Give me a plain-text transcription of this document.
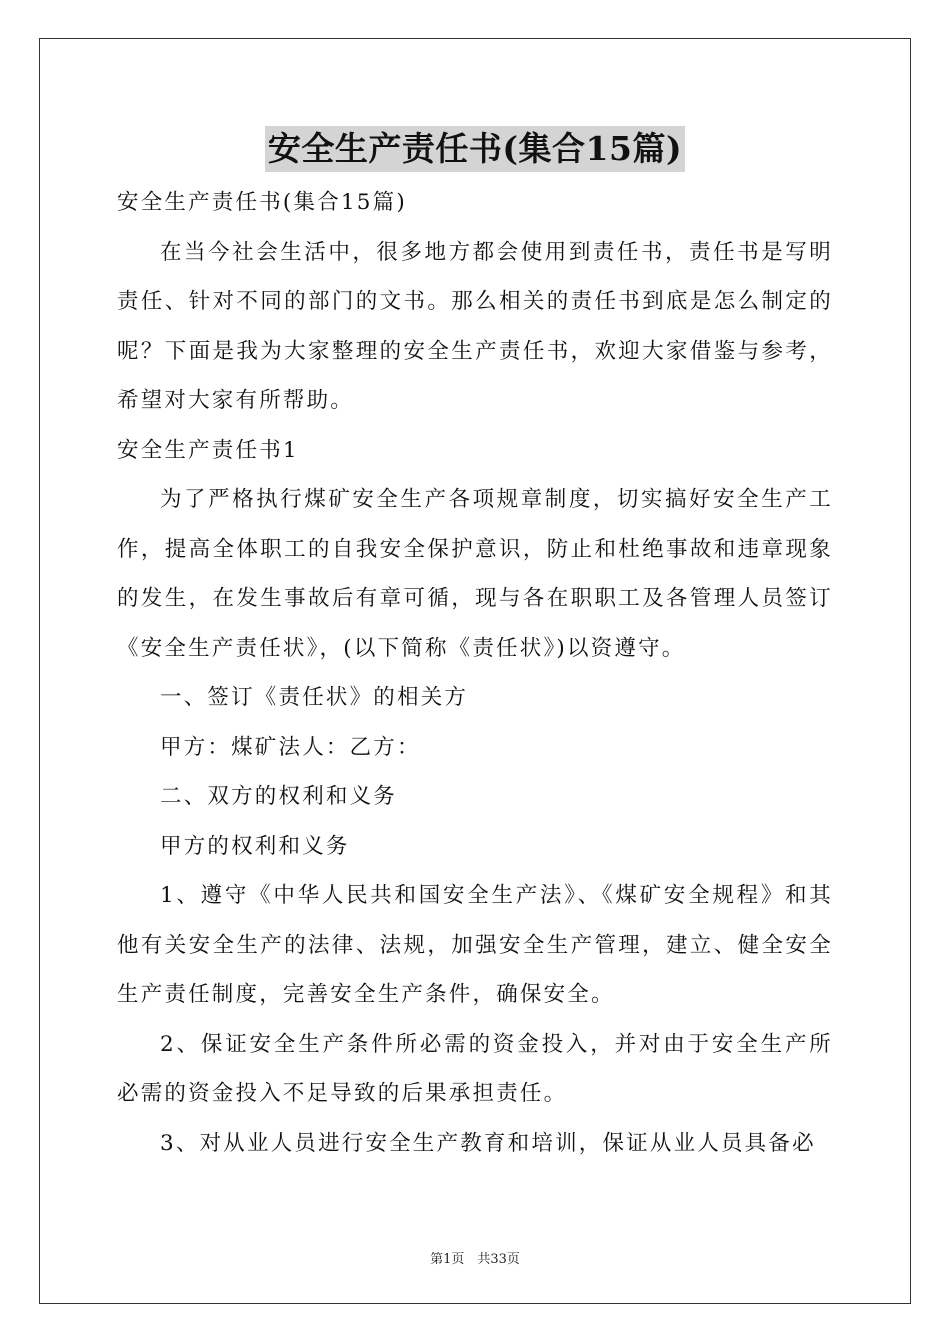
安全生产责任书(集合15篇)

安全生产责任书(集合15篇)

在当今社会生活中，很多地方都会使用到责任书，责任书是写明责任、针对不同的部门的文书。那么相关的责任书到底是怎么制定的呢？下面是我为大家整理的安全生产责任书，欢迎大家借鉴与参考，希望对大家有所帮助。

安全生产责任书1

为了严格执行煤矿安全生产各项规章制度，切实搞好安全生产工作，提高全体职工的自我安全保护意识，防止和杜绝事故和违章现象的发生，在发生事故后有章可循，现与各在职职工及各管理人员签订《安全生产责任状》，(以下简称《责任状》)以资遵守。

一、签订《责任状》的相关方

甲方：煤矿法人：乙方：

二、双方的权利和义务

甲方的权利和义务

1、遵守《中华人民共和国安全生产法》、《煤矿安全规程》和其他有关安全生产的法律、法规，加强安全生产管理，建立、健全安全生产责任制度，完善安全生产条件，确保安全。

2、保证安全生产条件所必需的资金投入，并对由于安全生产所必需的资金投入不足导致的后果承担责任。

3、对从业人员进行安全生产教育和培训，保证从业人员具备必

第1页　共33页
